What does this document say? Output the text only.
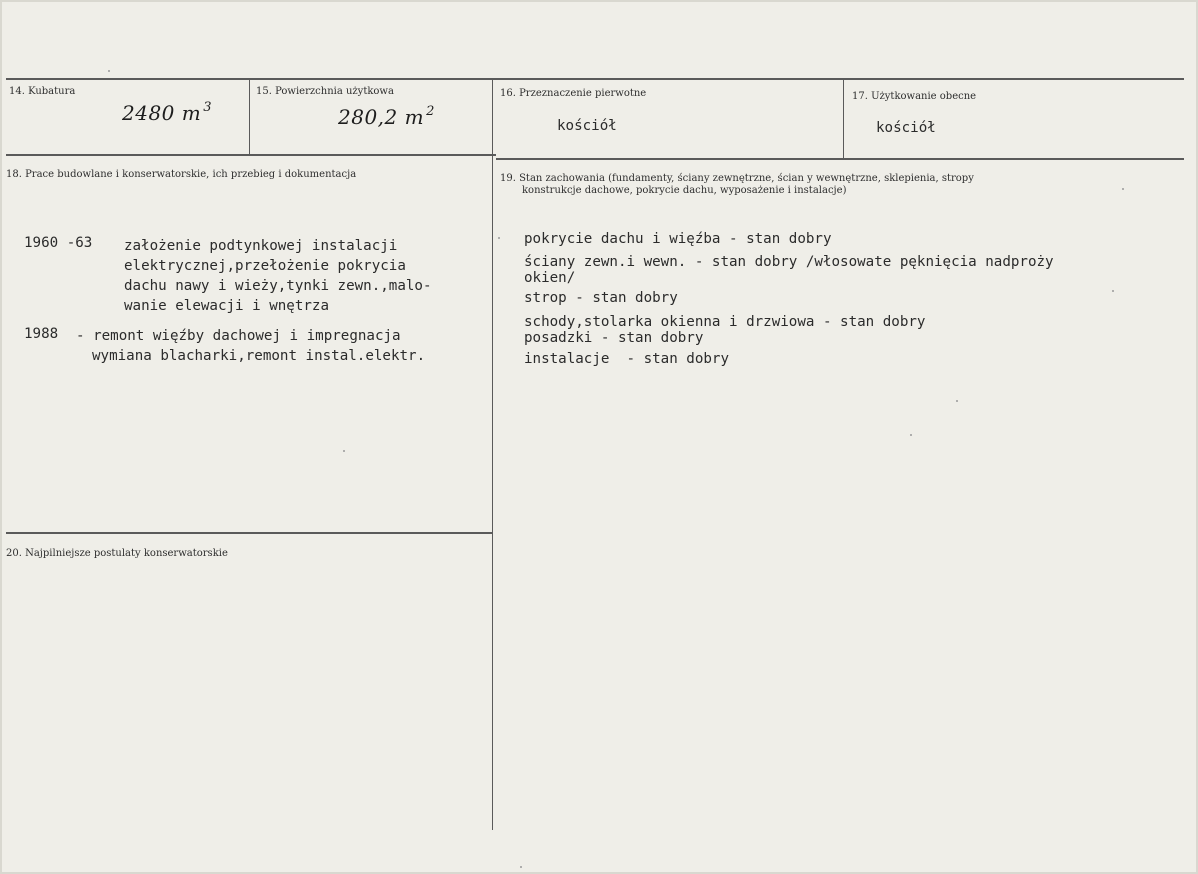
14. Kubatura
2480 m $^3$
15. Powierzchnia użytkowa
280,2 m $^2$
16. Przeznaczenie pierwotne
kościół
17. Użytkowanie obecne
kościół
18. Prace budowlane i konserwatorskie, ich przebieg i dokumentacja
1960 -63 założenie podtynkowej instalacji
elektrycznej,przełożenie pokrycia
dachu nawy i wieży,tynki zewn.,malo-
wanie elewacji i wnętrza
1988 - remont więźby dachowej i impregnacja
wymiana blacharki,remont instal.elektr.
19. Stan zachowania (fundamenty, ściany zewnętrzne, ścian y wewnętrzne, sklepienia, stropy
konstrukcje dachowe, pokrycie dachu, wyposażenie i instalacje)
pokrycie dachu i więźba - stan dobry
ściany zewn.i wewn. - stan dobry /włosowate pęknięcia nadproży
okien/
strop - stan dobry
schody,stolarka okienna i drzwiowa - stan dobry
posadzki - stan dobry
instalacje  - stan dobry
20. Najpilniejsze postulaty konserwatorskie
